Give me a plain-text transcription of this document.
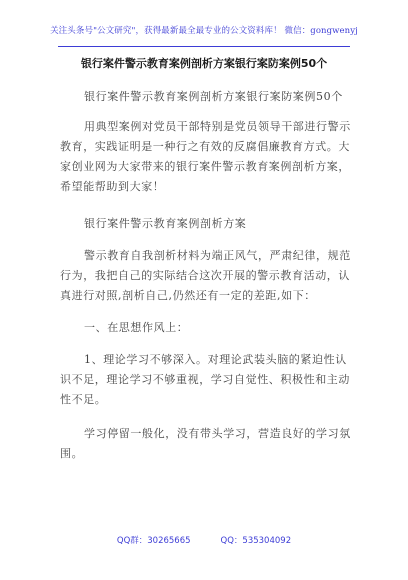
关注头条号"公文研究"，获得最新最全最专业的公文资料库！ 微信：gongwenyj
银行案件警示教育案例剖析方案银行案防案例50个
银行案件警示教育案例剖析方案银行案防案例50个
用典型案例对党员干部特别是党员领导干部进行警示教育，实践证明是一种行之有效的反腐倡廉教育方式。大家创业网为大家带来的银行案件警示教育案例剖析方案，希望能帮助到大家！
银行案件警示教育案例剖析方案
警示教育自我剖析材料为端正风气，严肃纪律，规范行为，我把自己的实际结合这次开展的警示教育活动，认真进行对照,剖析自己,仍然还有一定的差距,如下：
一、在思想作风上：
1、理论学习不够深入。对理论武装头脑的紧迫性认识不足，理论学习不够重视，学习自觉性、积极性和主动性不足。
学习停留一般化，没有带头学习，营造良好的学习氛围。
QQ群：30265665	QQ：535304092
